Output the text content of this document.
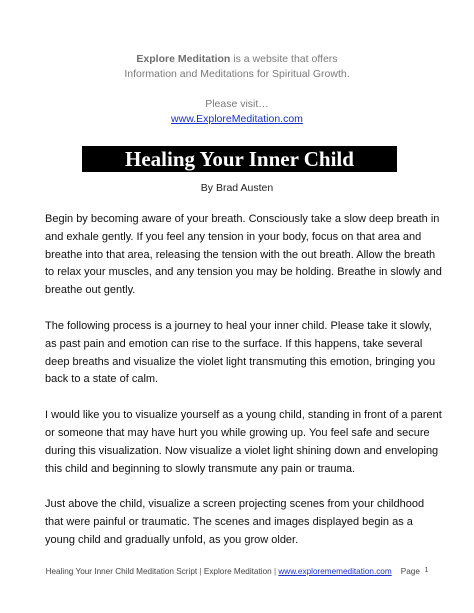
Explore Meditation is a website that offers
Information and Meditations for Spiritual Growth.
Please visit…
www.ExploreMeditation.com
Healing Your Inner Child
By Brad Austen

Begin by becoming aware of your breath. Consciously take a slow deep breath in and exhale gently. If you feel any tension in your body, focus on that area and breathe into that area, releasing the tension with the out breath. Allow the breath to relax your muscles, and any tension you may be holding. Breathe in slowly and breathe out gently.

The following process is a journey to heal your inner child. Please take it slowly, as past pain and emotion can rise to the surface. If this happens, take several deep breaths and visualize the violet light transmuting this emotion, bringing you back to a state of calm.

I would like you to visualize yourself as a young child, standing in front of a parent or someone that may have hurt you while growing up. You feel safe and secure during this visualization. Now visualize a violet light shining down and enveloping this child and beginning to slowly transmute any pain or trauma.

Just above the child, visualize a screen projecting scenes from your childhood that were painful or traumatic. The scenes and images displayed begin as a young child and gradually unfold, as you grow older.

Healing Your Inner Child Meditation Script | Explore Meditation | www.explorememeditation.com Page 1
